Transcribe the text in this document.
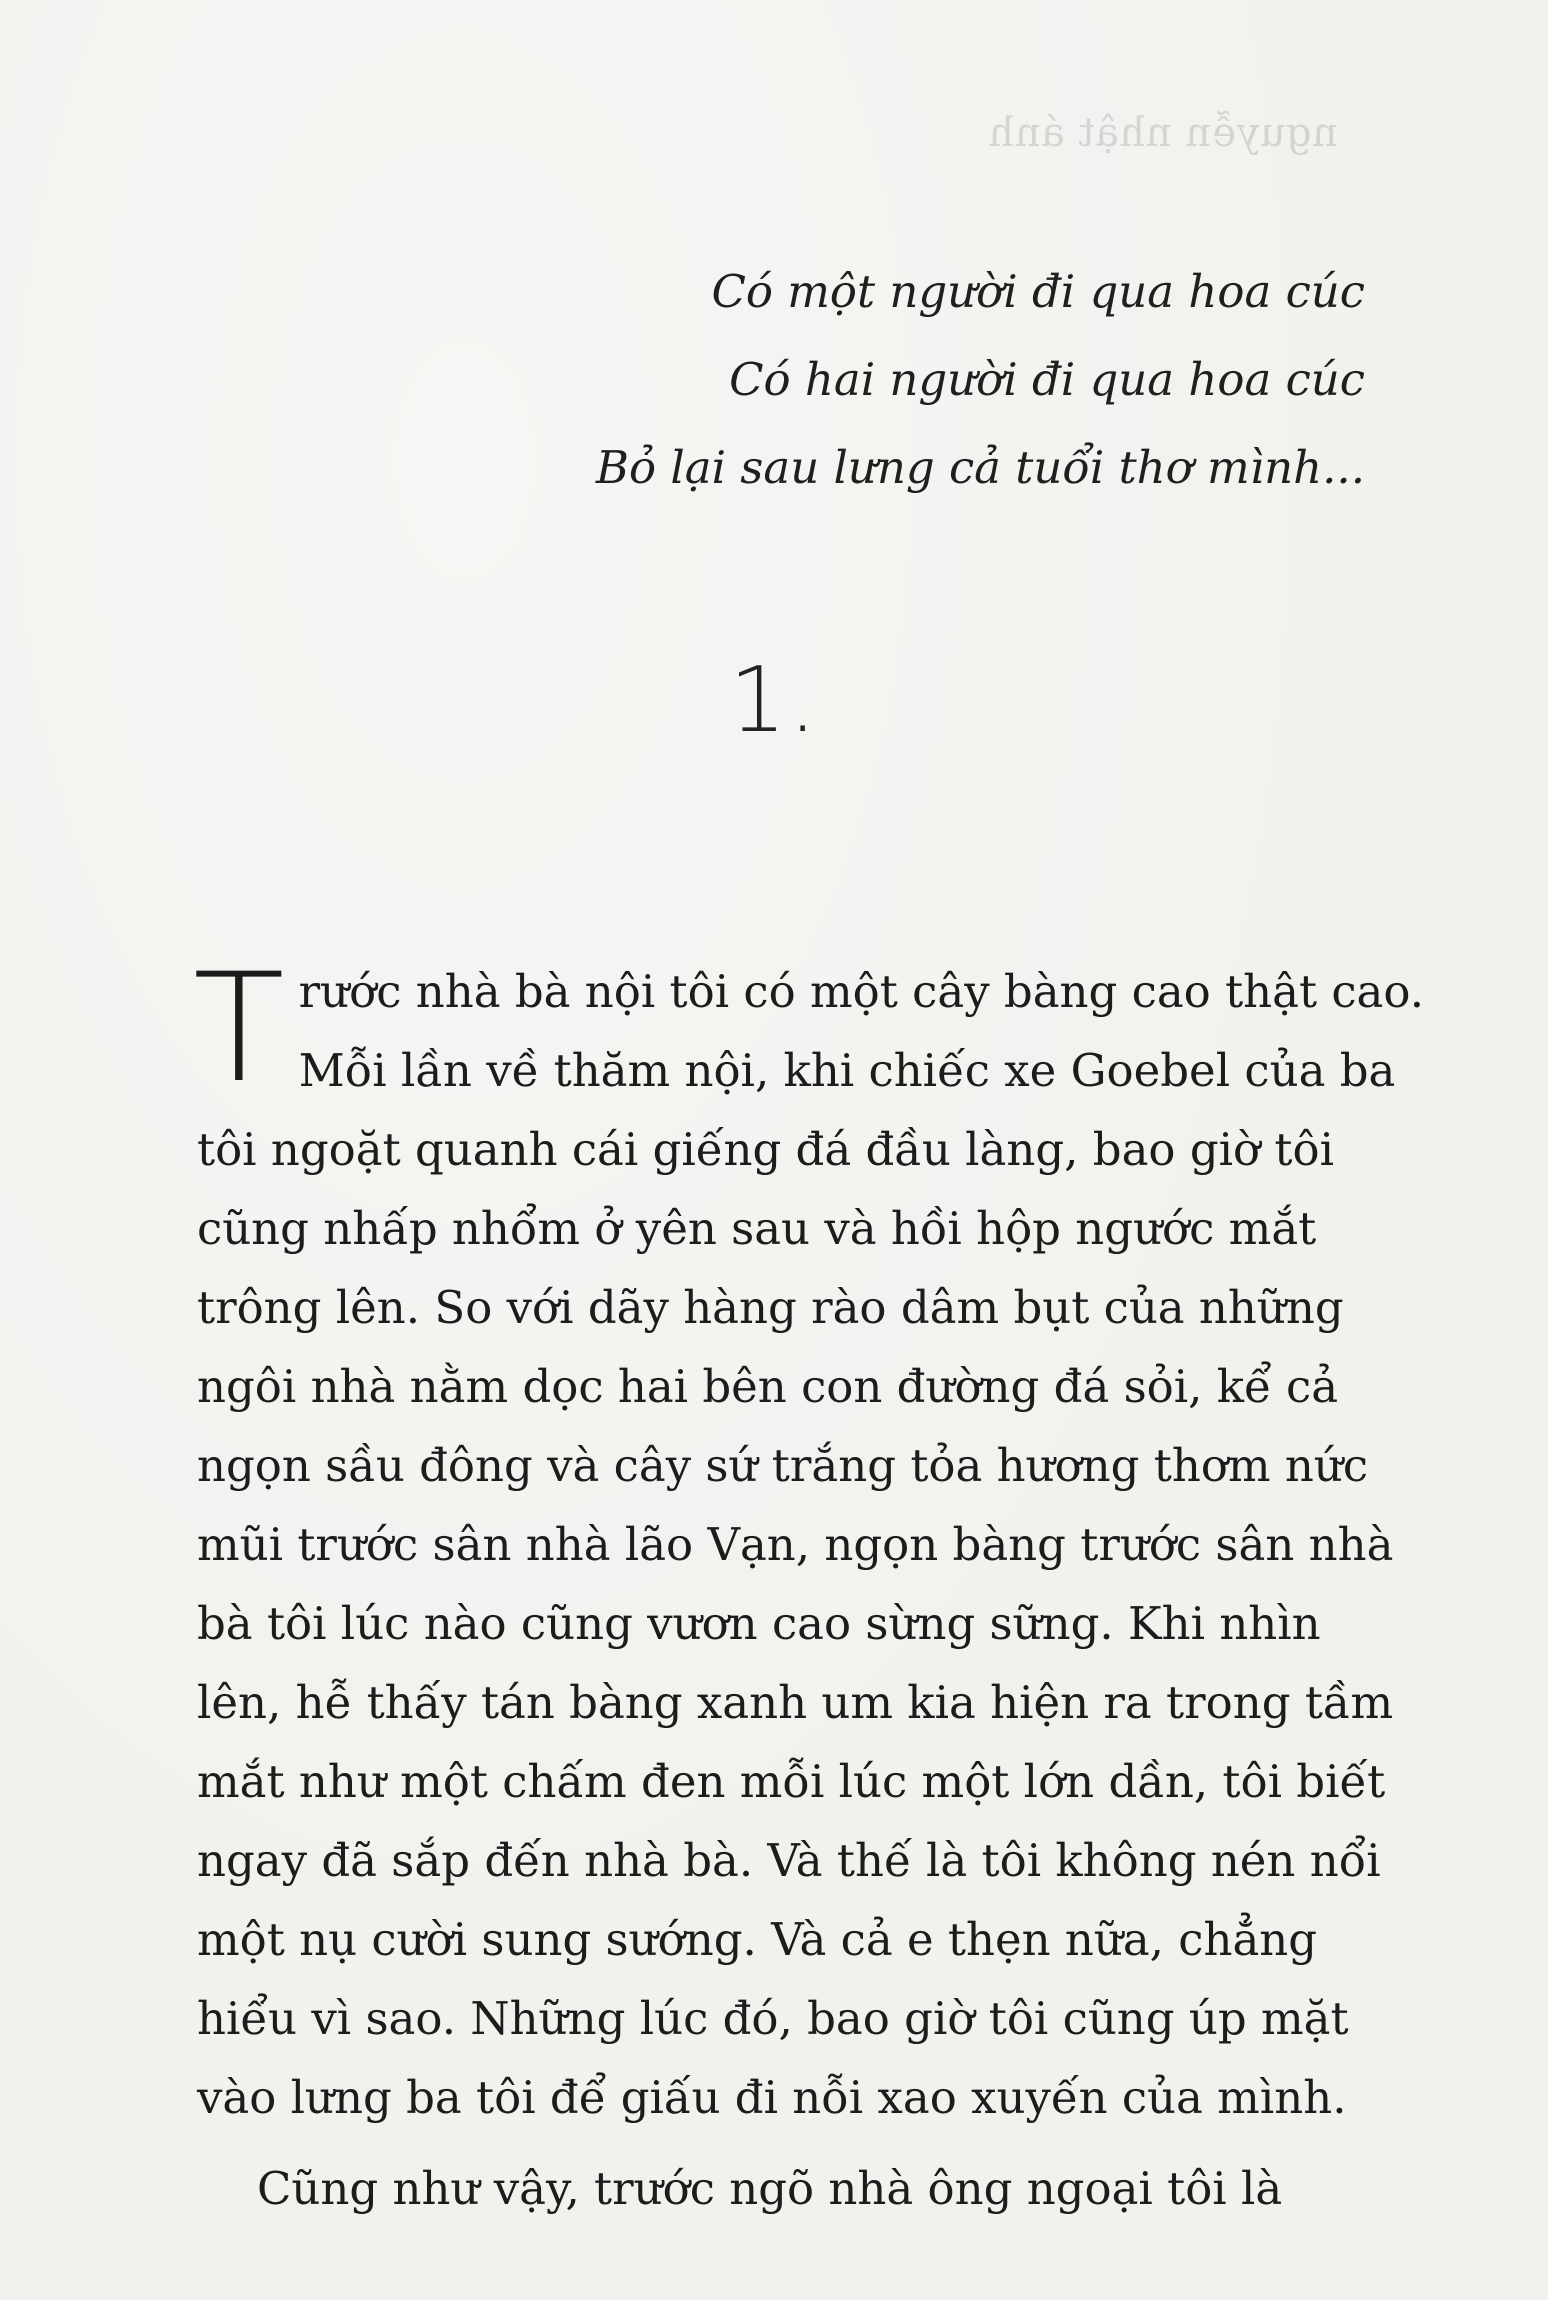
nguyễn nhật ánh
Có một người đi qua hoa cúc
Có hai người đi qua hoa cúc
Bỏ lại sau lưng cả tuổi thơ mình...
1.
T rước nhà bà nội tôi có một cây bàng cao thật cao.
Mỗi lần về thăm nội, khi chiếc xe Goebel của ba
tôi ngoặt quanh cái giếng đá đầu làng, bao giờ tôi
cũng nhấp nhổm ở yên sau và hồi hộp ngước mắt
trông lên. So với dãy hàng rào dâm bụt của những
ngôi nhà nằm dọc hai bên con đường đá sỏi, kể cả
ngọn sầu đông và cây sứ trắng tỏa hương thơm nức
mũi trước sân nhà lão Vạn, ngọn bàng trước sân nhà
bà tôi lúc nào cũng vươn cao sừng sững. Khi nhìn
lên, hễ thấy tán bàng xanh um kia hiện ra trong tầm
mắt như một chấm đen mỗi lúc một lớn dần, tôi biết
ngay đã sắp đến nhà bà. Và thế là tôi không nén nổi
một nụ cười sung sướng. Và cả e thẹn nữa, chẳng
hiểu vì sao. Những lúc đó, bao giờ tôi cũng úp mặt
vào lưng ba tôi để giấu đi nỗi xao xuyến của mình.

Cũng như vậy, trước ngõ nhà ông ngoại tôi là
